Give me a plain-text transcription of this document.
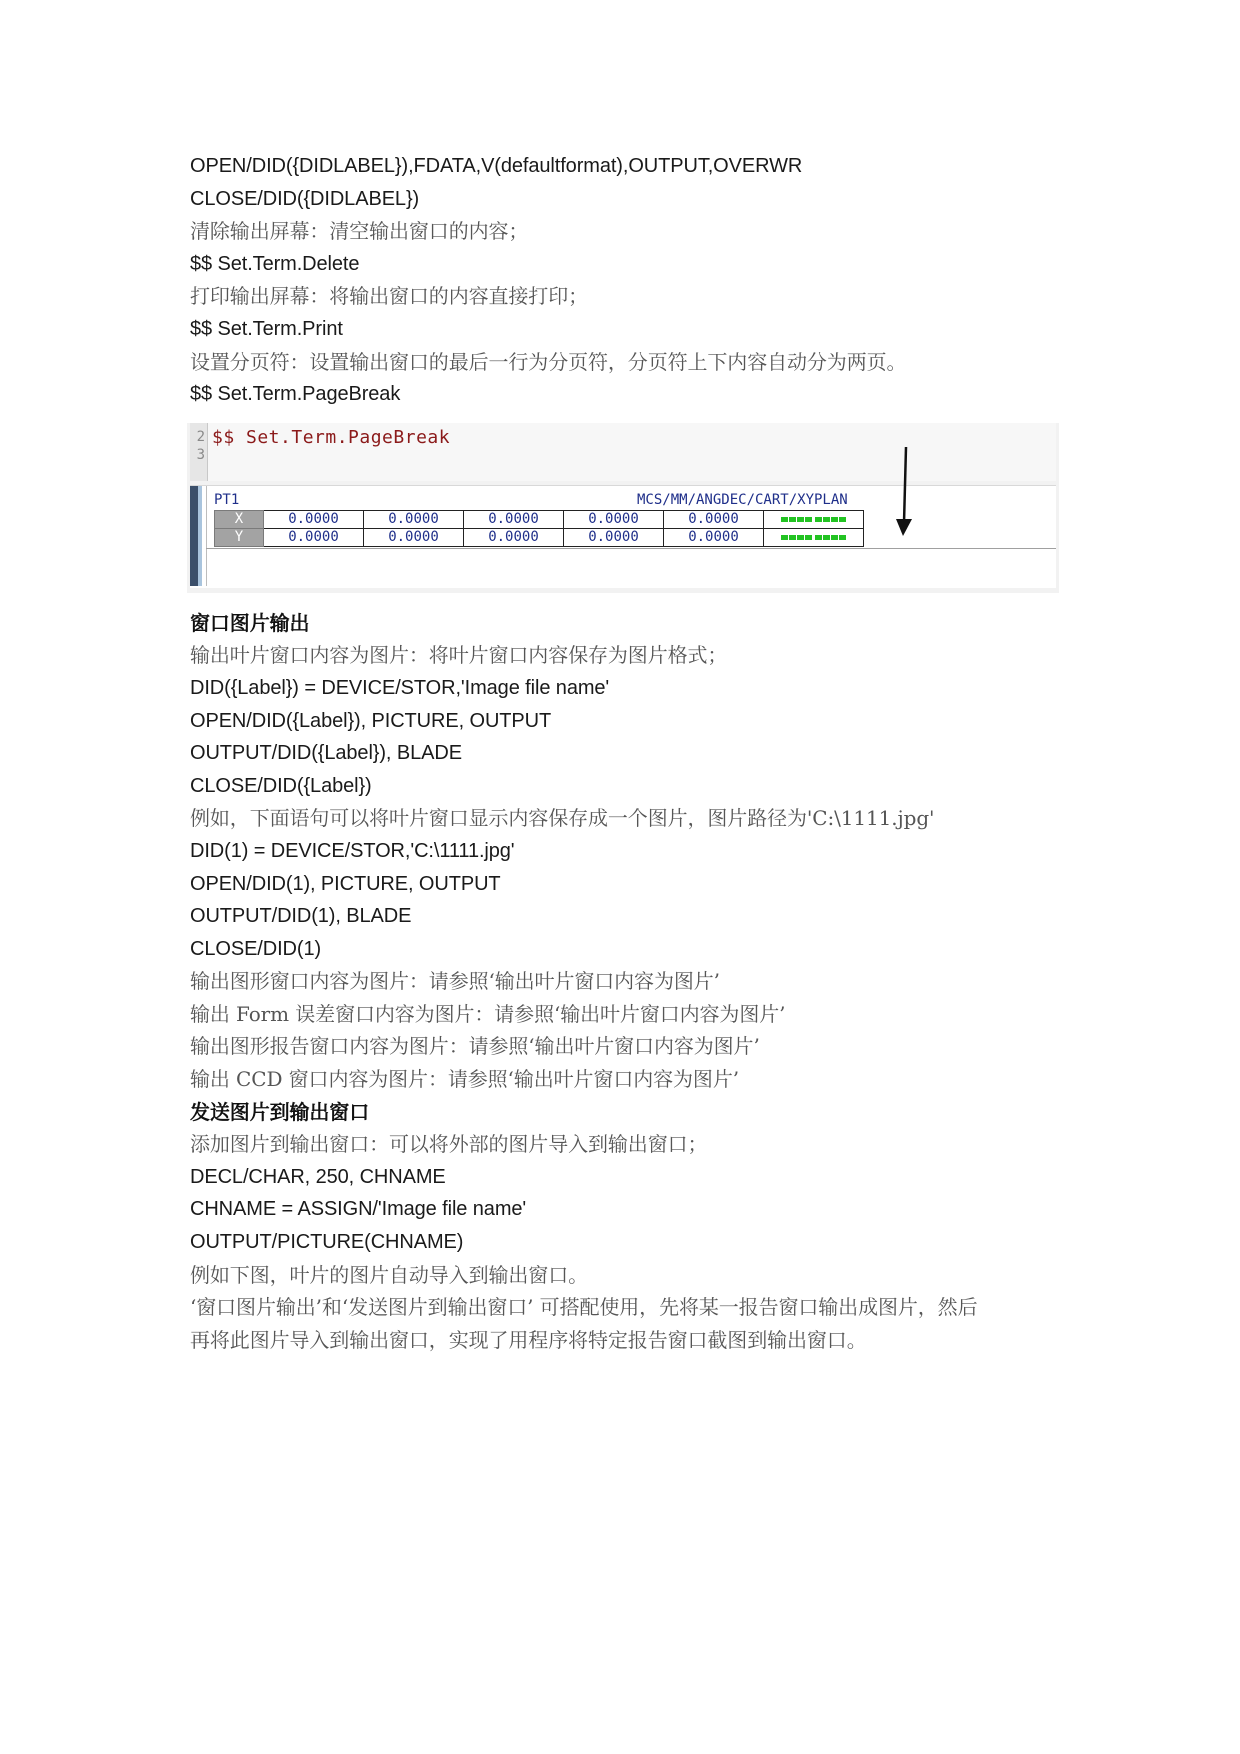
OPEN/DID({DIDLABEL}),FDATA,V(defaultformat),OUTPUT,OVERWR
CLOSE/DID({DIDLABEL})
清除输出屏幕：清空输出窗口的内容；
$$ Set.Term.Delete
打印输出屏幕：将输出窗口的内容直接打印；
$$ Set.Term.Print
设置分页符：设置输出窗口的最后一行为分页符，分页符上下内容自动分为两页。
$$ Set.Term.PageBreak
2
3
$$ Set.Term.PageBreak
PT1	MCS/MM/ANGDEC/CART/XYPLAN
X	0.0000	0.0000	0.0000	0.0000	0.0000	
Y	0.0000	0.0000	0.0000	0.0000	0.0000	
窗口图片输出
输出叶片窗口内容为图片：将叶片窗口内容保存为图片格式；
DID({Label}) = DEVICE/STOR,'Image file name'
OPEN/DID({Label}), PICTURE, OUTPUT
OUTPUT/DID({Label}), BLADE
CLOSE/DID({Label})
例如，下面语句可以将叶片窗口显示内容保存成一个图片，图片路径为'C:\1111.jpg'
DID(1) = DEVICE/STOR,'C:\1111.jpg'
OPEN/DID(1), PICTURE, OUTPUT
OUTPUT/DID(1), BLADE
CLOSE/DID(1)
输出图形窗口内容为图片：请参照‘输出叶片窗口内容为图片’
输出 Form 误差窗口内容为图片：请参照‘输出叶片窗口内容为图片’
输出图形报告窗口内容为图片：请参照‘输出叶片窗口内容为图片’
输出 CCD 窗口内容为图片：请参照‘输出叶片窗口内容为图片’
发送图片到输出窗口
添加图片到输出窗口：可以将外部的图片导入到输出窗口；
DECL/CHAR, 250, CHNAME
CHNAME = ASSIGN/'Image file name'
OUTPUT/PICTURE(CHNAME)
例如下图，叶片的图片自动导入到输出窗口。
‘窗口图片输出’和‘发送图片到输出窗口’ 可搭配使用，先将某一报告窗口输出成图片，然后
再将此图片导入到输出窗口，实现了用程序将特定报告窗口截图到输出窗口。
